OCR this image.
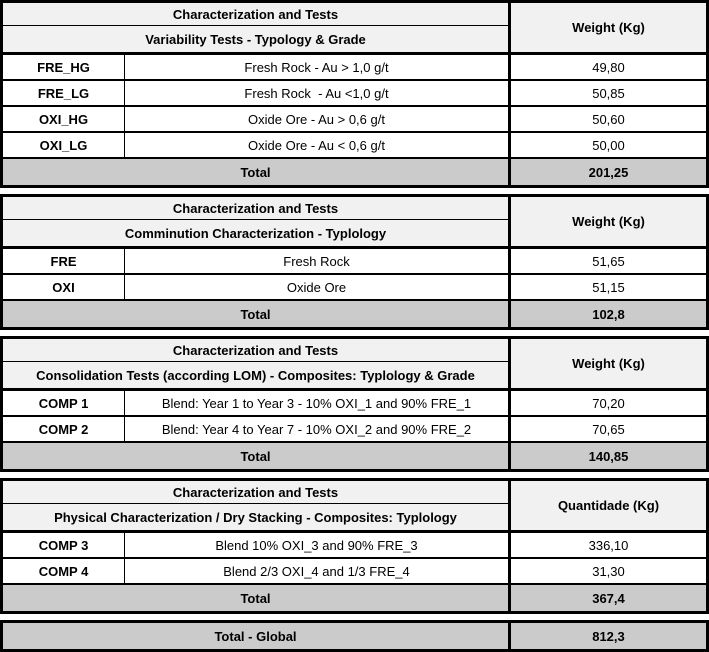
Characterization and Tests
Variability Tests - Typology & Grade
Weight (Kg)
FRE_HG	Fresh Rock - Au > 1,0 g/t	49,80
FRE_LG	Fresh Rock  - Au <1,0 g/t	50,85
OXI_HG	Oxide Ore - Au > 0,6 g/t	50,60
OXI_LG	Oxide Ore - Au < 0,6 g/t	50,00
Total	201,25
Characterization and Tests
Comminution Characterization - Typlology
Weight (Kg)
FRE	Fresh Rock	51,65
OXI	Oxide Ore	51,15
Total	102,8
Characterization and Tests
Consolidation Tests (according LOM) - Composites: Typlology & Grade
Weight (Kg)
COMP 1	Blend: Year 1 to Year 3 - 10% OXI_1 and 90% FRE_1	70,20
COMP 2	Blend: Year 4 to Year 7 - 10% OXI_2 and 90% FRE_2	70,65
Total	140,85
Characterization and Tests
Physical Characterization / Dry Stacking - Composites: Typlology
Quantidade (Kg)
COMP 3	Blend 10% OXI_3 and 90% FRE_3	336,10
COMP 4	Blend 2/3 OXI_4 and 1/3 FRE_4	31,30
Total	367,4
Total - Global	812,3
